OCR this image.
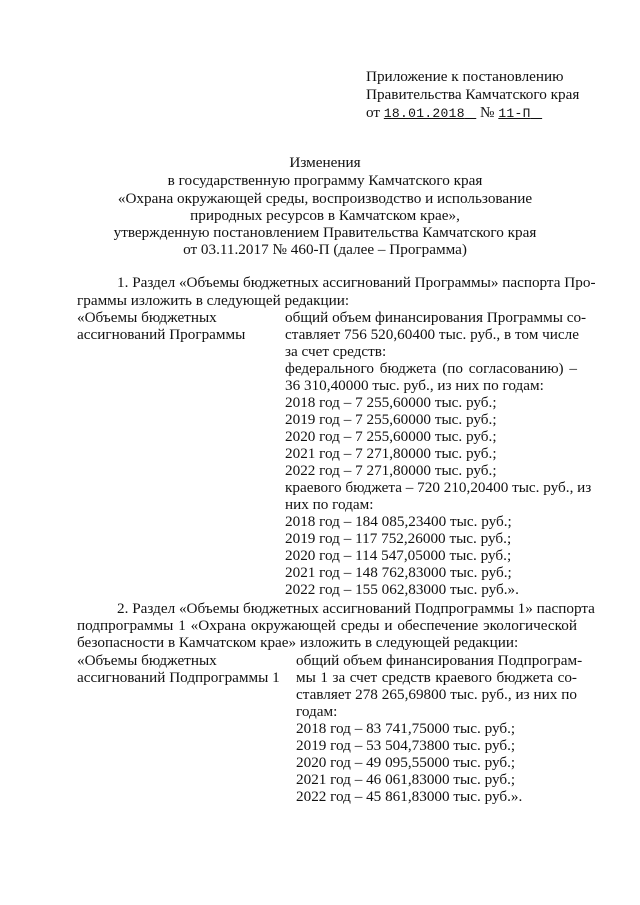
Приложение к постановлению
Правительства Камчатского края
от 18.01.2018 № 11-П
Изменения
в государственную программу Камчатского края
«Охрана окружающей среды, воспроизводство и использование
природных ресурсов в Камчатском крае»,
утвержденную постановлением Правительства Камчатского края
от 03.11.2017 № 460-П (далее – Программа)
1. Раздел «Объемы бюджетных ассигнований Программы» паспорта Про-
граммы изложить в следующей редакции:
«Объемы бюджетных
ассигнований Программы
общий объем финансирования Программы со-
ставляет 756 520,60400 тыс. руб., в том числе
за счет средств:
федерального бюджета (по согласованию) –
36 310,40000 тыс. руб., из них по годам:
2018 год – 7 255,60000 тыс. руб.;
2019 год – 7 255,60000 тыс. руб.;
2020 год – 7 255,60000 тыс. руб.;
2021 год – 7 271,80000 тыс. руб.;
2022 год – 7 271,80000 тыс. руб.;
краевого бюджета – 720 210,20400 тыс. руб., из
них по годам:
2018 год – 184 085,23400 тыс. руб.;
2019 год – 117 752,26000 тыс. руб.;
2020 год – 114 547,05000 тыс. руб.;
2021 год – 148 762,83000 тыс. руб.;
2022 год – 155 062,83000 тыс. руб.».
2. Раздел «Объемы бюджетных ассигнований Подпрограммы 1» паспорта
подпрограммы 1 «Охрана окружающей среды и обеспечение экологической
безопасности в Камчатском крае» изложить в следующей редакции:
«Объемы бюджетных
ассигнований Подпрограммы 1
общий объем финансирования Подпрограм-
мы 1 за счет средств краевого бюджета со-
ставляет 278 265,69800 тыс. руб., из них по
годам:
2018 год – 83 741,75000 тыс. руб.;
2019 год – 53 504,73800 тыс. руб.;
2020 год – 49 095,55000 тыс. руб.;
2021 год – 46 061,83000 тыс. руб.;
2022 год – 45 861,83000 тыс. руб.».
